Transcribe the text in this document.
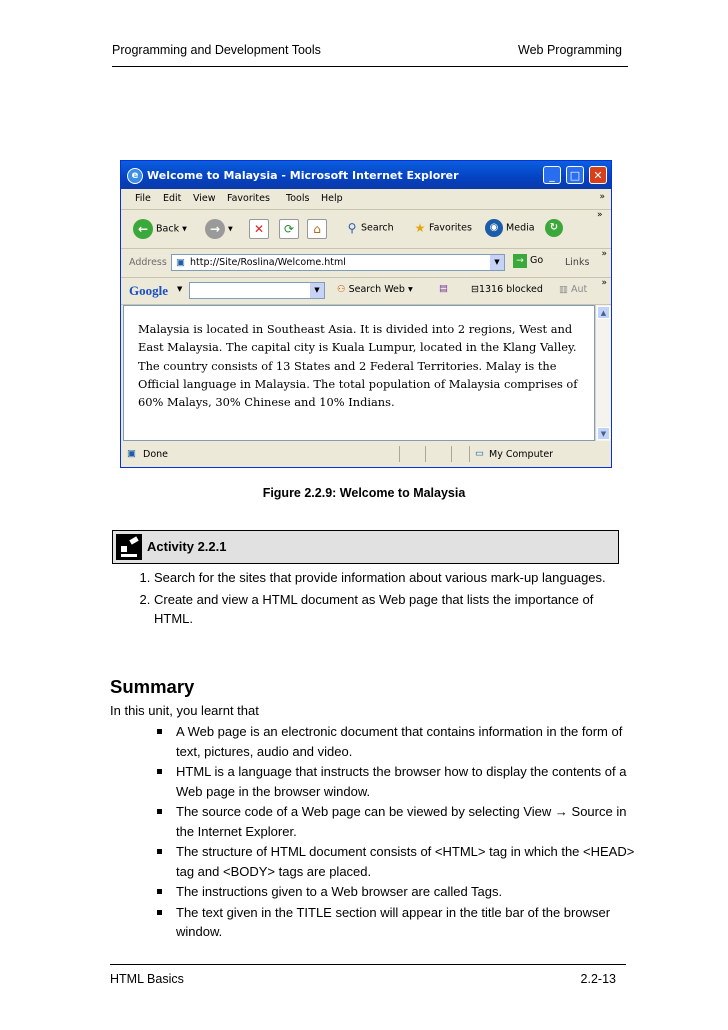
Programming and Development Tools	Web Programming
e Welcome to Malaysia - Microsoft Internet Explorer	_	□	✕
File Edit View Favorites Tools Help	»
← Back ▾	→ ▾	✕	⟳	⌂	⚲ Search	★ Favorites	◉ Media	↻
»
Address ▣ http://Site/Roslina/Welcome.html	▼	→ Go Links
»
Google ▼	▼	⚇ Search Web ▾	▤ ⊟1316 blocked ▥ Aut
»

Malaysia is located in Southeast Asia. It is divided into 2 regions, West and East Malaysia. The capital city is Kuala Lumpur, located in the Klang Valley. The country consists of 13 States and 2 Federal Territories. Malay is the Official language in Malaysia. The total population of Malaysia comprises of 60% Malays, 30% Chinese and 10% Indians.

▲
▼
▣ Done	▭ My Computer
Figure 2.2.9: Welcome to Malaysia
Activity 2.2.1
1. Search for the sites that provide information about various mark-up languages.
2. Create and view a HTML document as Web page that lists the importance of HTML.
Summary
In this unit, you learnt that
A Web page is an electronic document that contains information in the form of text, pictures, audio and video.
HTML is a language that instructs the browser how to display the contents of a Web page in the browser window.
The source code of a Web page can be viewed by selecting View → Source in the Internet Explorer.
The structure of HTML document consists of <HTML> tag in which the <HEAD> tag and <BODY> tags are placed.
The instructions given to a Web browser are called Tags.
The text given in the TITLE section will appear in the title bar of the browser window.
HTML Basics	2.2-13
